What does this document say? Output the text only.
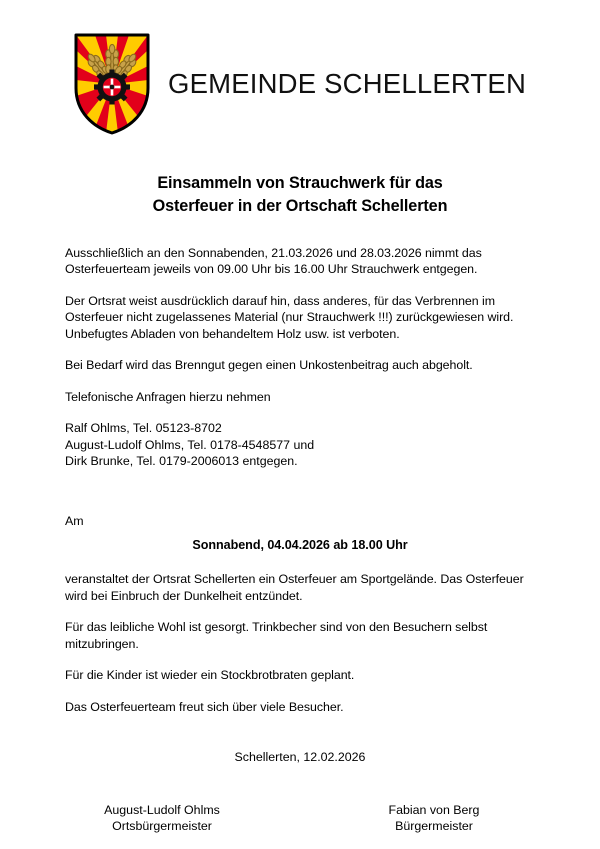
GEMEINDE SCHELLERTEN
Einsammeln von Strauchwerk für das
Osterfeuer in der Ortschaft Schellerten

Ausschließlich an den Sonnabenden, 21.03.2026 und 28.03.2026 nimmt das Osterfeuerteam jeweils von 09.00 Uhr bis 16.00 Uhr Strauchwerk entgegen.

Der Ortsrat weist ausdrücklich darauf hin, dass anderes, für das Verbrennen im Osterfeuer nicht zugelassenes Material (nur Strauchwerk !!!) zurückgewiesen wird. Unbefugtes Abladen von behandeltem Holz usw. ist verboten.

Bei Bedarf wird das Brenngut gegen einen Unkostenbeitrag auch abgeholt.

Telefonische Anfragen hierzu nehmen

Ralf Ohlms, Tel. 05123-8702
August-Ludolf Ohlms, Tel. 0178-4548577 und
Dirk Brunke, Tel. 0179-2006013 entgegen.

Am

Sonnabend, 04.04.2026 ab 18.00 Uhr

veranstaltet der Ortsrat Schellerten ein Osterfeuer am Sportgelände. Das Osterfeuer wird bei Einbruch der Dunkelheit entzündet.

Für das leibliche Wohl ist gesorgt. Trinkbecher sind von den Besuchern selbst mitzubringen.

Für die Kinder ist wieder ein Stockbrotbraten geplant.

Das Osterfeuerteam freut sich über viele Besucher.

Schellerten, 12.02.2026

August-Ludolf Ohlms
Ortsbürgermeister
Fabian von Berg
Bürgermeister
